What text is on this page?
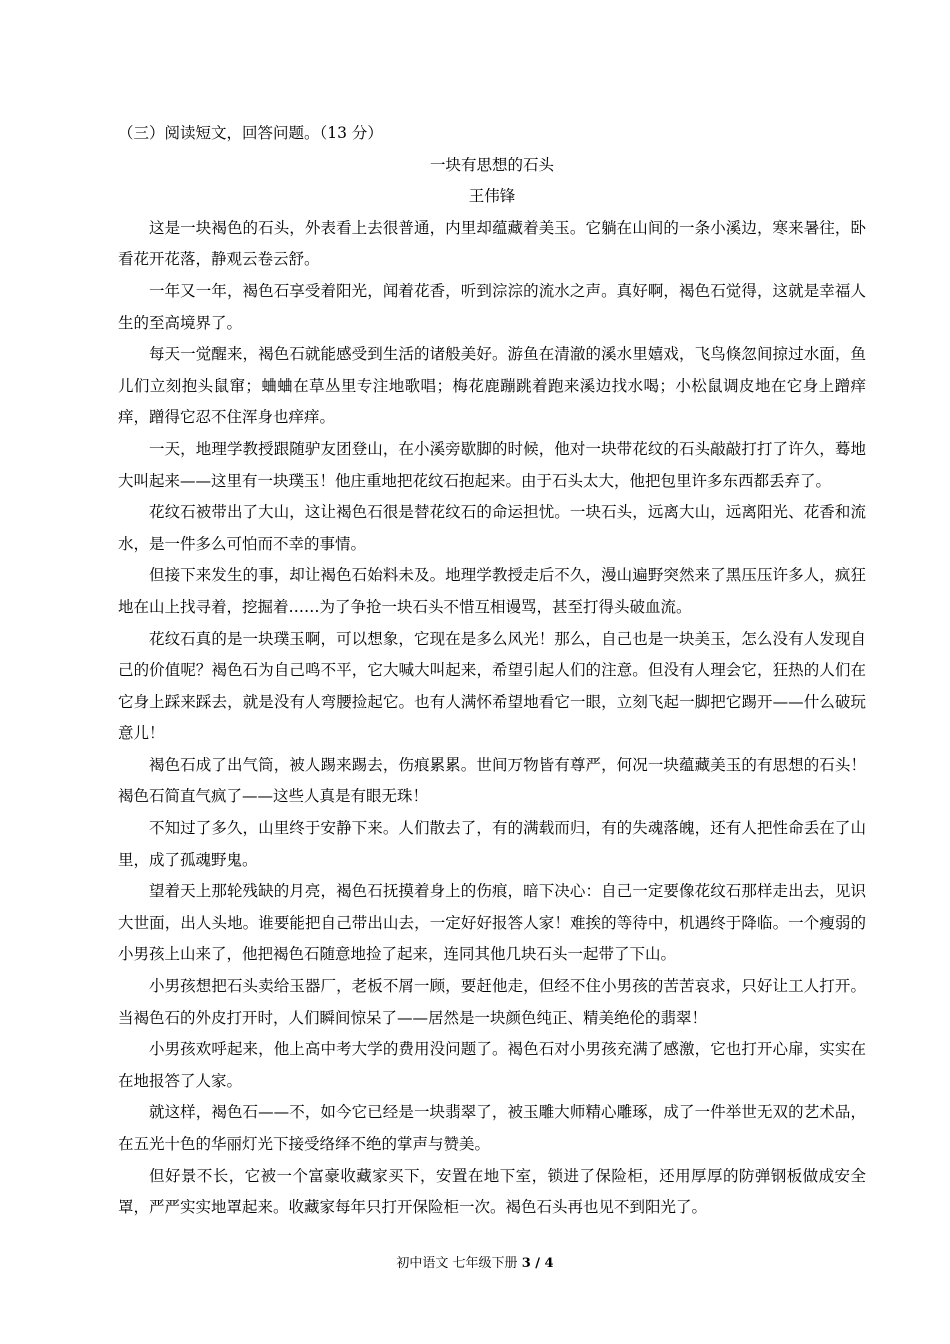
（三）阅读短文，回答问题。（13 分）

一块有思想的石头

王伟锋

这是一块褐色的石头，外表看上去很普通，内里却蕴藏着美玉。它躺在山间的一条小溪边，寒来暑往，卧看花开花落，静观云卷云舒。

一年又一年，褐色石享受着阳光，闻着花香，听到淙淙的流水之声。真好啊，褐色石觉得，这就是幸福人生的至高境界了。

每天一觉醒来，褐色石就能感受到生活的诸般美好。游鱼在清澈的溪水里嬉戏，飞鸟倏忽间掠过水面，鱼儿们立刻抱头鼠窜；蛐蛐在草丛里专注地歌唱；梅花鹿蹦跳着跑来溪边找水喝；小松鼠调皮地在它身上蹭痒痒，蹭得它忍不住浑身也痒痒。

一天，地理学教授跟随驴友团登山，在小溪旁歇脚的时候，他对一块带花纹的石头敲敲打打了许久，蓦地大叫起来——这里有一块璞玉！他庄重地把花纹石抱起来。由于石头太大，他把包里许多东西都丢弃了。

花纹石被带出了大山，这让褐色石很是替花纹石的命运担忧。一块石头，远离大山，远离阳光、花香和流水，是一件多么可怕而不幸的事情。

但接下来发生的事，却让褐色石始料未及。地理学教授走后不久，漫山遍野突然来了黑压压许多人，疯狂地在山上找寻着，挖掘着……为了争抢一块石头不惜互相谩骂，甚至打得头破血流。

花纹石真的是一块璞玉啊，可以想象，它现在是多么风光！那么，自己也是一块美玉，怎么没有人发现自己的价值呢？褐色石为自己鸣不平，它大喊大叫起来，希望引起人们的注意。但没有人理会它，狂热的人们在它身上踩来踩去，就是没有人弯腰捡起它。也有人满怀希望地看它一眼，立刻飞起一脚把它踢开——什么破玩意儿！

褐色石成了出气筒，被人踢来踢去，伤痕累累。世间万物皆有尊严，何况一块蕴藏美玉的有思想的石头！褐色石简直气疯了——这些人真是有眼无珠！

不知过了多久，山里终于安静下来。人们散去了，有的满载而归，有的失魂落魄，还有人把性命丢在了山里，成了孤魂野鬼。

望着天上那轮残缺的月亮，褐色石抚摸着身上的伤痕，暗下决心：自己一定要像花纹石那样走出去，见识大世面，出人头地。谁要能把自己带出山去，一定好好报答人家！难挨的等待中，机遇终于降临。一个瘦弱的小男孩上山来了，他把褐色石随意地捡了起来，连同其他几块石头一起带了下山。

小男孩想把石头卖给玉器厂，老板不屑一顾，要赶他走，但经不住小男孩的苦苦哀求，只好让工人打开。当褐色石的外皮打开时，人们瞬间惊呆了——居然是一块颜色纯正、精美绝伦的翡翠！

小男孩欢呼起来，他上高中考大学的费用没问题了。褐色石对小男孩充满了感激，它也打开心扉，实实在在地报答了人家。

就这样，褐色石——不，如今它已经是一块翡翠了，被玉雕大师精心雕琢，成了一件举世无双的艺术品，在五光十色的华丽灯光下接受络绎不绝的掌声与赞美。

但好景不长，它被一个富豪收藏家买下，安置在地下室，锁进了保险柜，还用厚厚的防弹钢板做成安全罩，严严实实地罩起来。收藏家每年只打开保险柜一次。褐色石头再也见不到阳光了。

初中语文 七年级下册 3 / 4
